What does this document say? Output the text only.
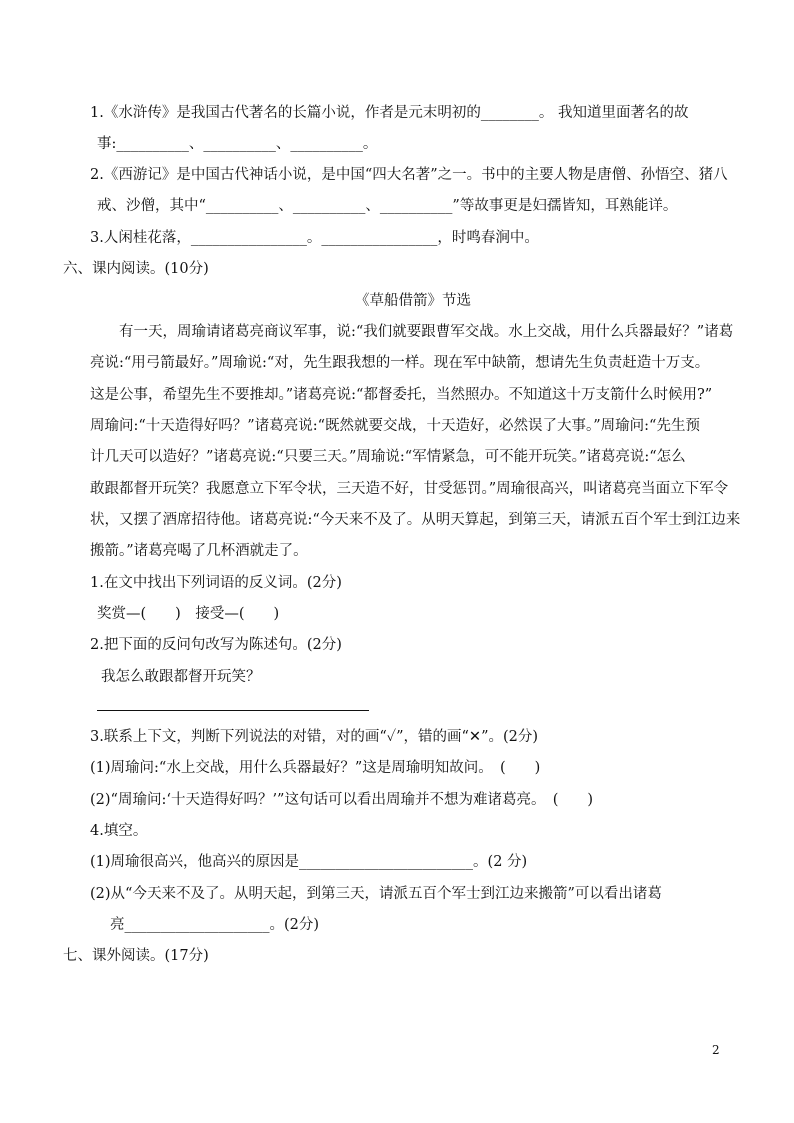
1.《水浒传》是我国古代著名的长篇小说，作者是元末明初的________。 我知道里面著名的故
事:__________、__________、__________。
2.《西游记》是中国古代神话小说，是中国“四大名著”之一。书中的主要人物是唐僧、孙悟空、猪八
戒、沙僧，其中“__________、__________、__________”等故事更是妇孺皆知，耳熟能详。
3.人闲桂花落，________________。________________，时鸣春涧中。
六、课内阅读。(10分)
《草船借箭》节选
有一天，周瑜请诸葛亮商议军事，说:“我们就要跟曹军交战。水上交战，用什么兵器最好？”诸葛
亮说:“用弓箭最好。”周瑜说:“对，先生跟我想的一样。现在军中缺箭，想请先生负责赶造十万支。
这是公事，希望先生不要推却。”诸葛亮说:“都督委托，当然照办。不知道这十万支箭什么时候用?”
周瑜问:“十天造得好吗？”诸葛亮说:“既然就要交战，十天造好，必然误了大事。”周瑜问:“先生预
计几天可以造好？”诸葛亮说:“只要三天。”周瑜说:“军情紧急，可不能开玩笑。”诸葛亮说:“怎么
敢跟都督开玩笑？我愿意立下军令状，三天造不好，甘受惩罚。”周瑜很高兴，叫诸葛亮当面立下军令
状，又摆了酒席招待他。诸葛亮说:“今天来不及了。从明天算起，到第三天，请派五百个军士到江边来
搬箭。”诸葛亮喝了几杯酒就走了。
1.在文中找出下列词语的反义词。(2分)
奖赏—(　　)　接受—(　　)
2.把下面的反问句改写为陈述句。(2分)
我怎么敢跟都督开玩笑？
3.联系上下文，判断下列说法的对错，对的画“✓”，错的画“✕”。(2分)
(1)周瑜问:“水上交战，用什么兵器最好？”这是周瑜明知故问。　(　　)
(2)“周瑜问:‘十天造得好吗？’”这句话可以看出周瑜并不想为难诸葛亮。　(　　)
4.填空。
(1)周瑜很高兴，他高兴的原因是________________________。(2 分)
(2)从“今天来不及了。从明天起，到第三天，请派五百个军士到江边来搬箭”可以看出诸葛
亮____________________。(2分)
七、课外阅读。(17分)
2
